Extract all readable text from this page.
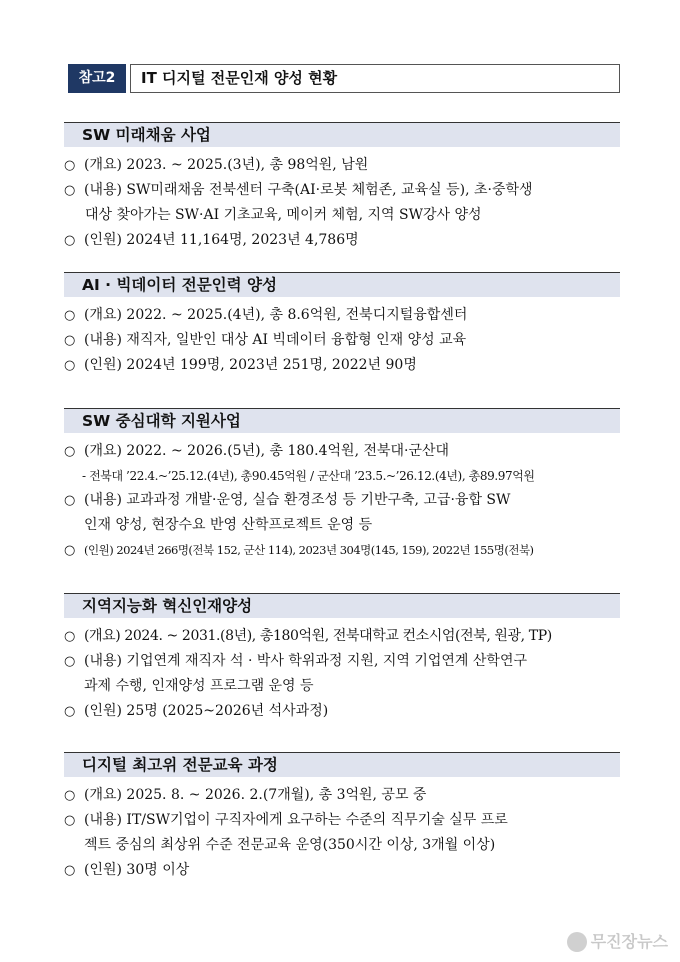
참고2	IT 디지털 전문인재 양성 현황
SW 미래채움 사업
○ (개요) 2023. ~ 2025.(3년), 총 98억원, 남원
○ (내용) SW미래채움 전북센터 구축(AI·로봇 체험존, 교육실 등), 초·중학생
대상 찾아가는 SW·AI 기초교육, 메이커 체험, 지역 SW강사 양성
○ (인원) 2024년 11,164명, 2023년 4,786명
AI · 빅데이터 전문인력 양성
○ (개요) 2022. ~ 2025.(4년), 총 8.6억원, 전북디지털융합센터
○ (내용) 재직자, 일반인 대상 AI 빅데이터 융합형 인재 양성 교육
○ (인원) 2024년 199명, 2023년 251명, 2022년 90명
SW 중심대학 지원사업
○ (개요) 2022. ~ 2026.(5년), 총 180.4억원, 전북대·군산대
- 전북대 ’22.4.~’25.12.(4년), 총90.45억원 / 군산대 ’23.5.~’26.12.(4년), 총89.97억원
○ (내용) 교과과정 개발·운영, 실습 환경조성 등 기반구축, 고급·융합 SW
인재 양성, 현장수요 반영 산학프로젝트 운영 등
○ (인원) 2024년 266명(전북 152, 군산 114), 2023년 304명(145, 159), 2022년 155명(전북)
지역지능화 혁신인재양성
○ (개요) 2024. ~ 2031.(8년), 총180억원, 전북대학교 컨소시엄(전북, 원광, TP)
○ (내용) 기업연계 재직자 석 · 박사 학위과정 지원, 지역 기업연계 산학연구
과제 수행, 인재양성 프로그램 운영 등
○ (인원) 25명 (2025~2026년 석사과정)
디지털 최고위 전문교육 과정
○ (개요) 2025. 8. ~ 2026. 2.(7개월), 총 3억원, 공모 중
○ (내용) IT/SW기업이 구직자에게 요구하는 수준의 직무기술 실무 프로
젝트 중심의 최상위 수준 전문교육 운영(350시간 이상, 3개월 이상)
○ (인원) 30명 이상
무진장뉴스
